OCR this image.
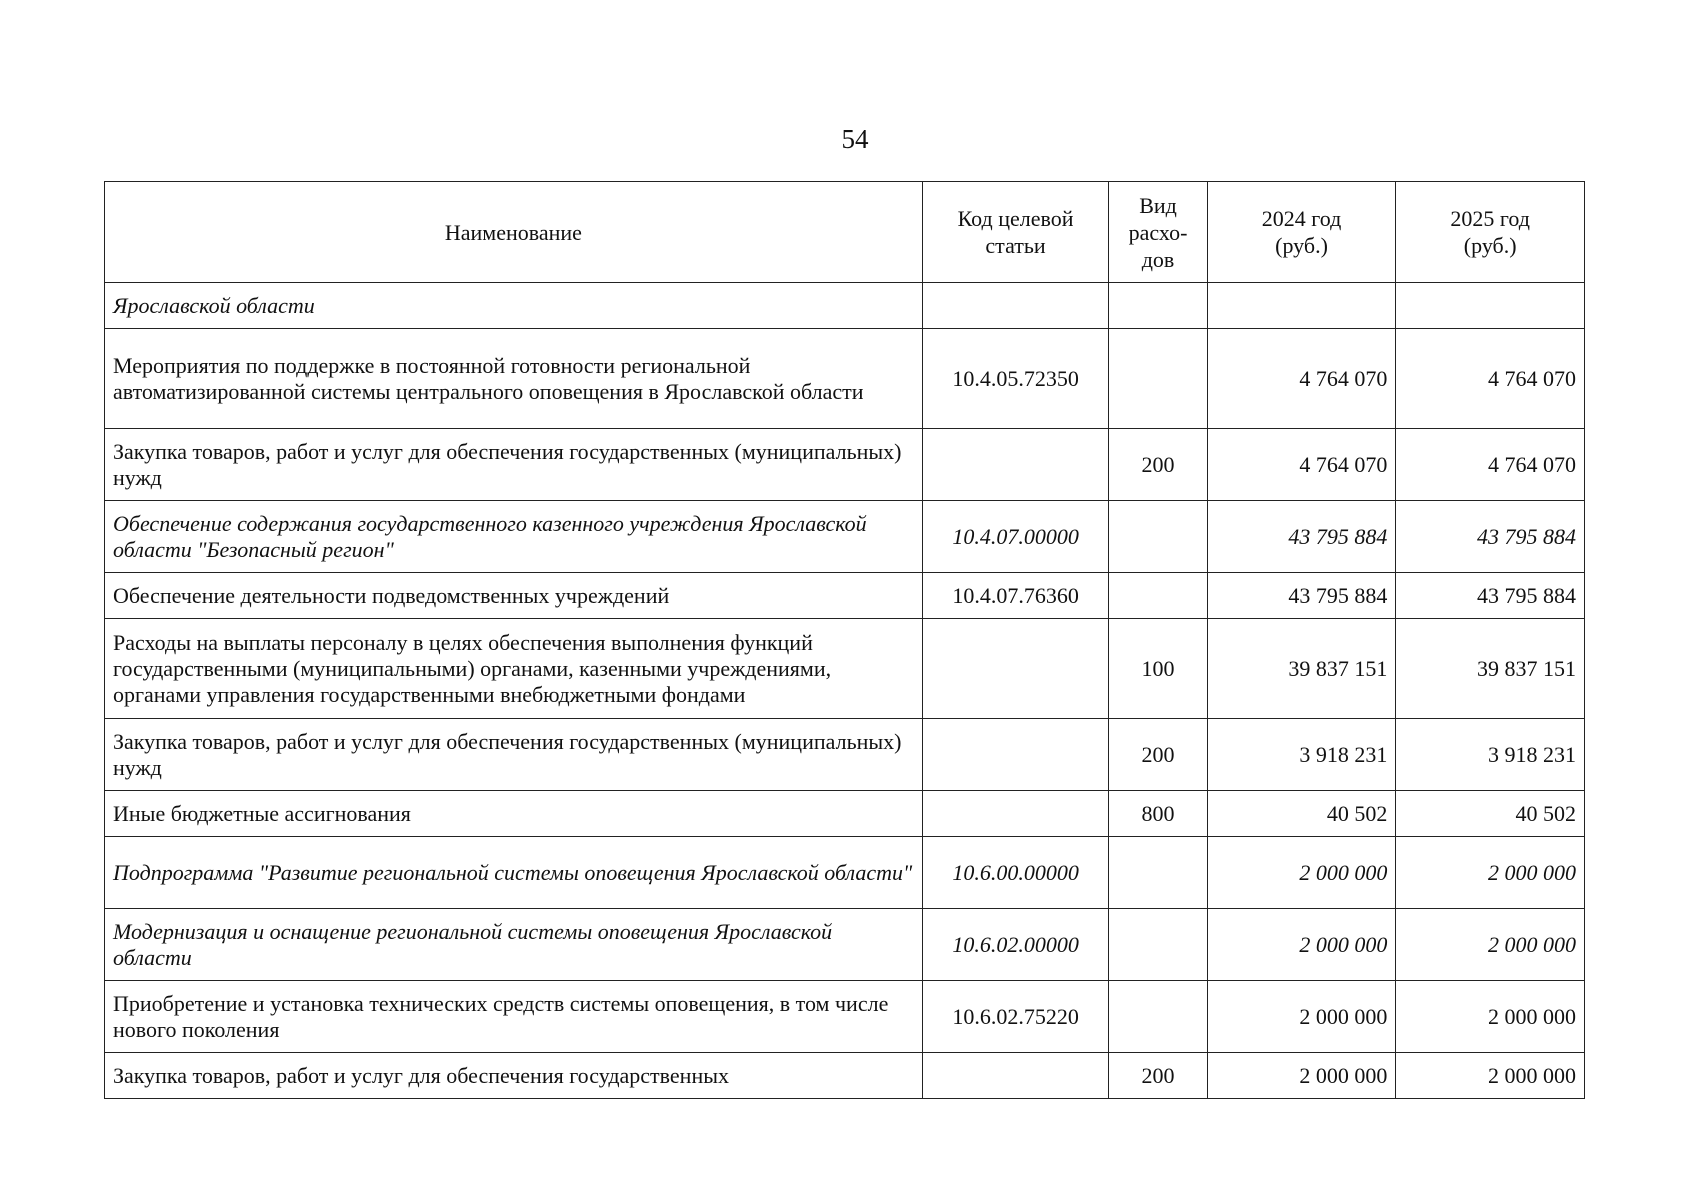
54
Наименование	Код целевой статьи	Вид расхо-дов	2024 год (руб.)	2025 год (руб.)
Ярославской области				
Мероприятия по поддержке в постоянной готовности региональной автоматизированной системы центрального оповещения в Ярославской области	10.4.05.72350		4 764 070	4 764 070
Закупка товаров, работ и услуг для обеспечения государственных (муниципальных) нужд		200	4 764 070	4 764 070
Обеспечение содержания государственного казенного учреждения Ярославской области "Безопасный регион"	10.4.07.00000		43 795 884	43 795 884
Обеспечение деятельности подведомственных учреждений	10.4.07.76360		43 795 884	43 795 884
Расходы на выплаты персоналу в целях обеспечения выполнения функций государственными (муниципальными) органами, казенными учреждениями, органами управления государственными внебюджетными фондами		100	39 837 151	39 837 151
Закупка товаров, работ и услуг для обеспечения государственных (муниципальных) нужд		200	3 918 231	3 918 231
Иные бюджетные ассигнования		800	40 502	40 502
Подпрограмма "Развитие региональной системы оповещения Ярославской области"	10.6.00.00000		2 000 000	2 000 000
Модернизация и оснащение региональной системы оповещения Ярославской области	10.6.02.00000		2 000 000	2 000 000
Приобретение и установка технических средств системы оповещения, в том числе нового поколения	10.6.02.75220		2 000 000	2 000 000
Закупка товаров, работ и услуг для обеспечения государственных		200	2 000 000	2 000 000
